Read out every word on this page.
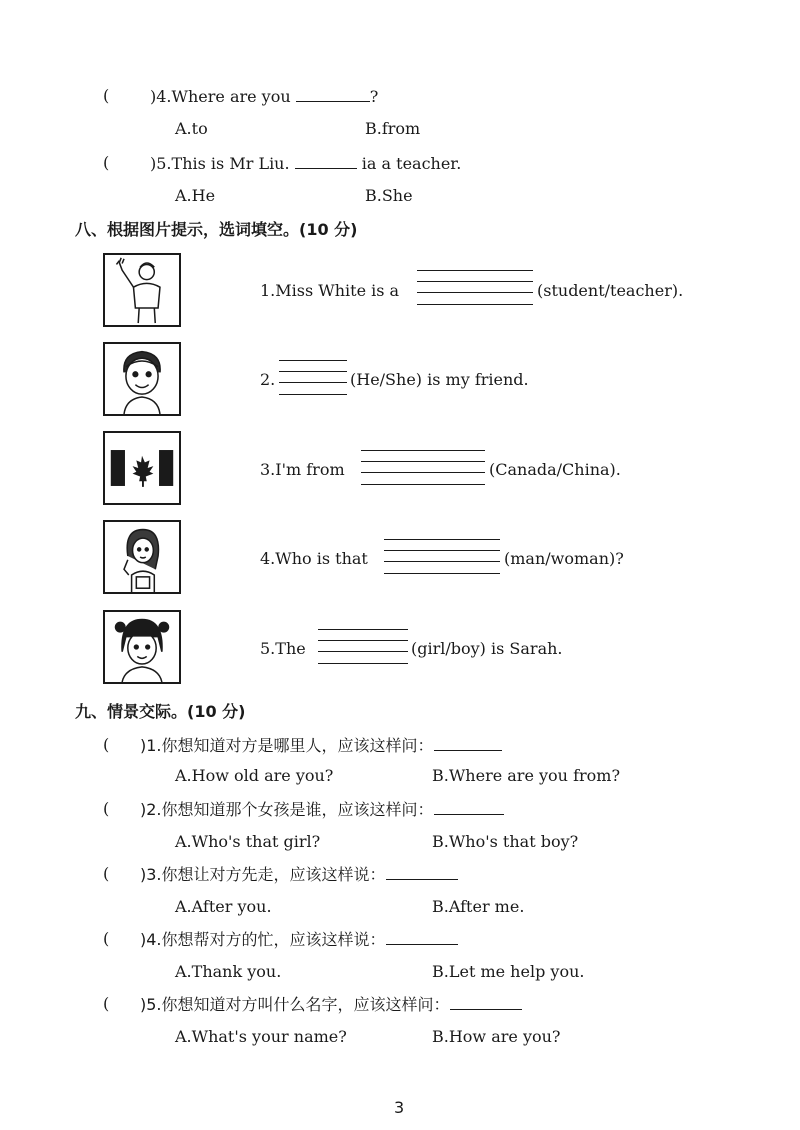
(	)4.Where are you	?
A.to	B.from
(	)5.This is Mr Liu.	ia a teacher.
A.He	B.She
八、根据图片提示，选词填空。(10 分)
1.Miss White is a	(student/teacher).
2.	(He/She) is my friend.
3.I'm from	(Canada/China).
4.Who is that	(man/woman)?
5.The	(girl/boy) is Sarah.
九、情景交际。(10 分)
( )1.你想知道对方是哪里人，应该这样问：
A.How old are you?	B.Where are you from?
( )2.你想知道那个女孩是谁，应该这样问：
A.Who's that girl?	B.Who's that boy?
( )3.你想让对方先走，应该这样说：
A.After you.	B.After me.
( )4.你想帮对方的忙，应该这样说：
A.Thank you.	B.Let me help you.
( )5.你想知道对方叫什么名字，应该这样问：
A.What's your name?	B.How are you?
3
